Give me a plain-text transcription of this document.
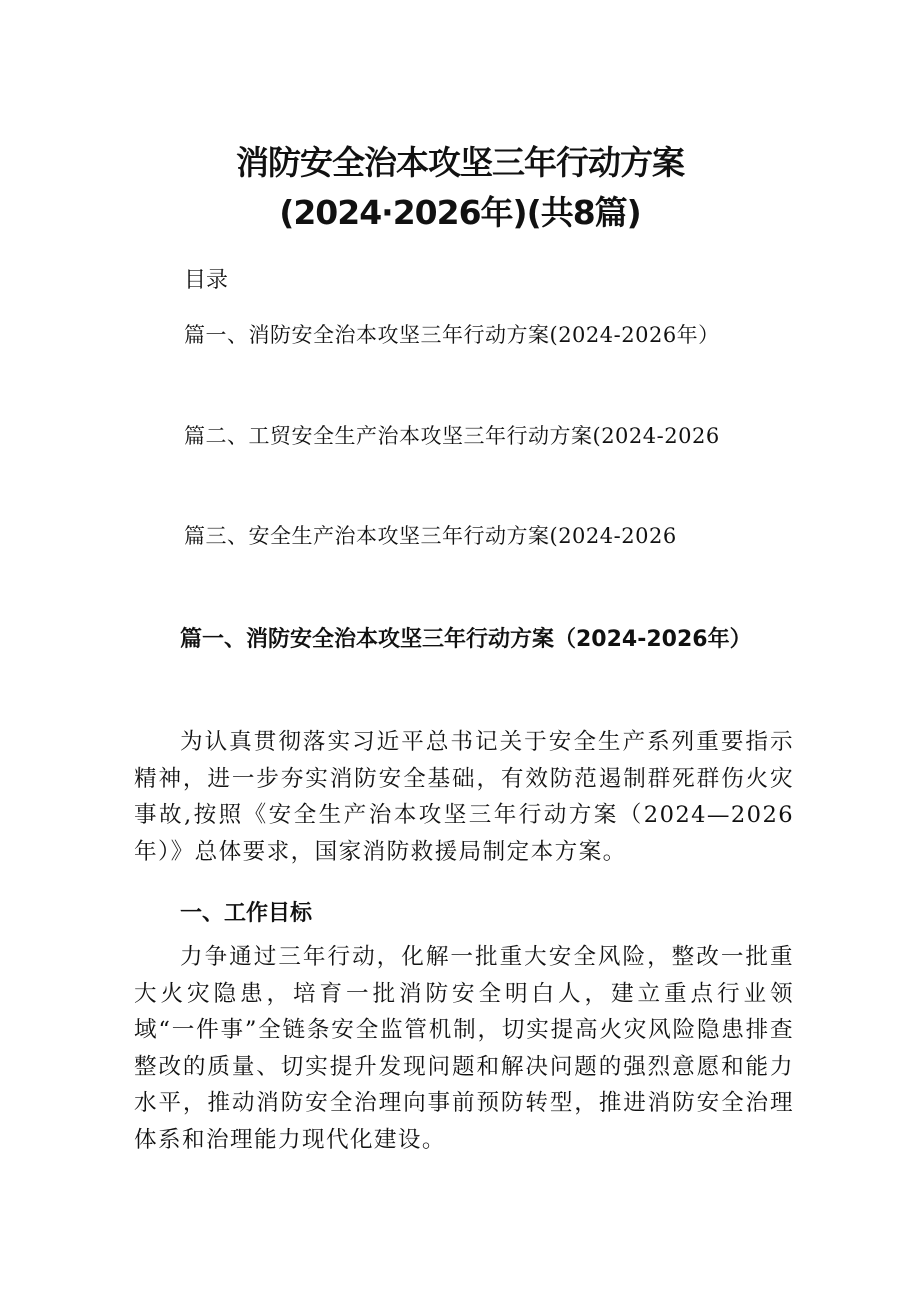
消防安全治本攻坚三年行动方案
(2024·2026年)(共8篇)
目录
篇一、消防安全治本攻坚三年行动方案(2024-2026年）
篇二、工贸安全生产治本攻坚三年行动方案(2024-2026
篇三、安全生产治本攻坚三年行动方案(2024-2026
篇一、消防安全治本攻坚三年行动方案（2024-2026年）
为认真贯彻落实习近平总书记关于安全生产系列重要指示精神，进一步夯实消防安全基础，有效防范遏制群死群伤火灾事故,按照《安全生产治本攻坚三年行动方案（2024—2026年）》总体要求，国家消防救援局制定本方案。
一、工作目标
力争通过三年行动，化解一批重大安全风险，整改一批重大火灾隐患，培育一批消防安全明白人，建立重点行业领域“一件事”全链条安全监管机制，切实提高火灾风险隐患排查整改的质量、切实提升发现问题和解决问题的强烈意愿和能力水平，推动消防安全治理向事前预防转型，推进消防安全治理体系和治理能力现代化建设。
